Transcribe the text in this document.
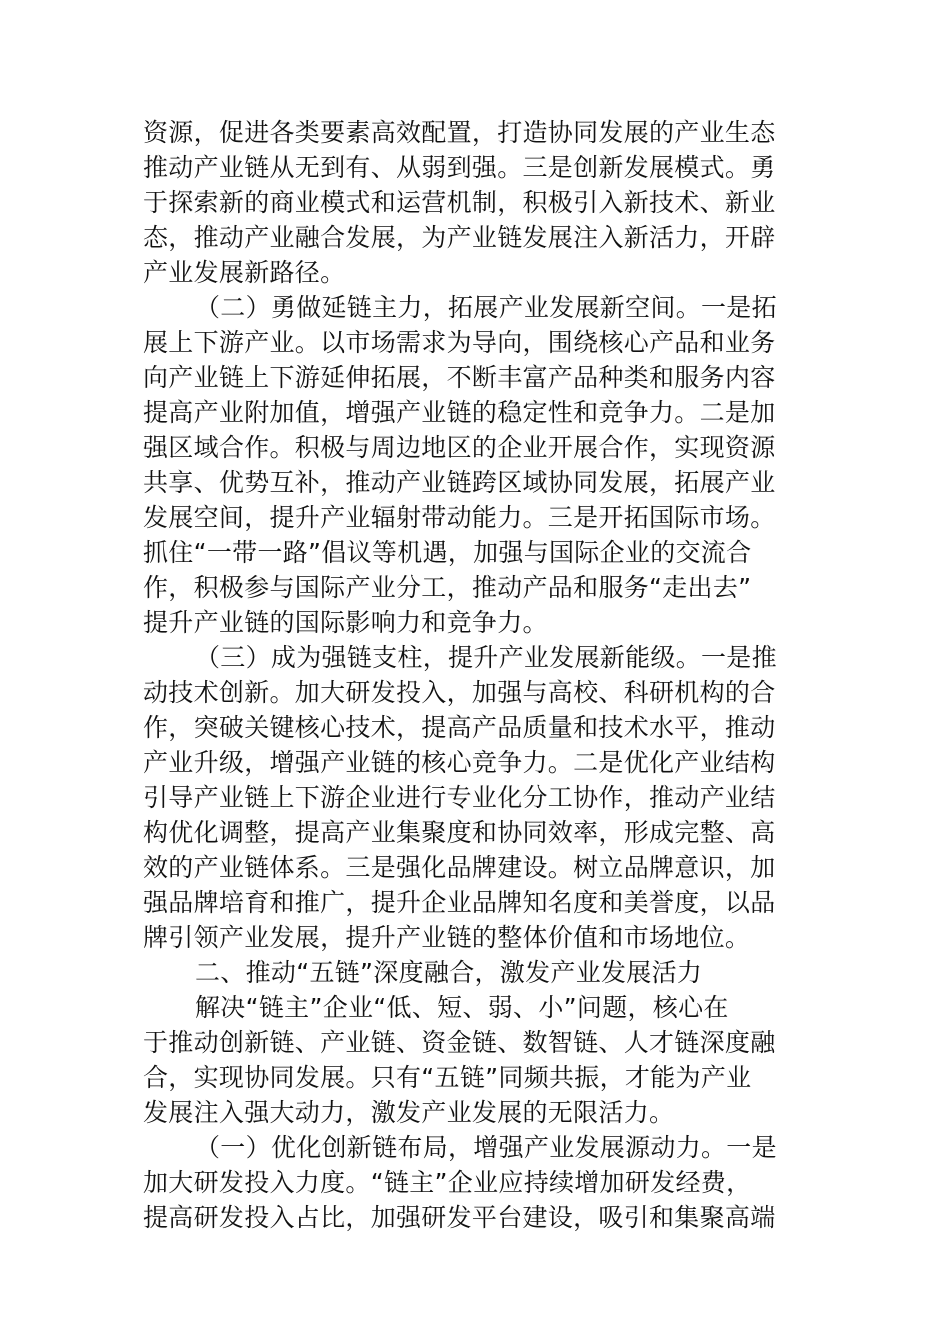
资源，促进各类要素高效配置，打造协同发展的产业生态
推动产业链从无到有、从弱到强。三是创新发展模式。勇
于探索新的商业模式和运营机制，积极引入新技术、新业
态，推动产业融合发展，为产业链发展注入新活力，开辟
产业发展新路径。
（二）勇做延链主力，拓展产业发展新空间。一是拓
展上下游产业。以市场需求为导向，围绕核心产品和业务
向产业链上下游延伸拓展，不断丰富产品种类和服务内容
提高产业附加值，增强产业链的稳定性和竞争力。二是加
强区域合作。积极与周边地区的企业开展合作，实现资源
共享、优势互补，推动产业链跨区域协同发展，拓展产业
发展空间，提升产业辐射带动能力。三是开拓国际市场。
抓住“一带一路”倡议等机遇，加强与国际企业的交流合
作，积极参与国际产业分工，推动产品和服务“走出去”
提升产业链的国际影响力和竞争力。
（三）成为强链支柱，提升产业发展新能级。一是推
动技术创新。加大研发投入，加强与高校、科研机构的合
作，突破关键核心技术，提高产品质量和技术水平，推动
产业升级，增强产业链的核心竞争力。二是优化产业结构
引导产业链上下游企业进行专业化分工协作，推动产业结
构优化调整，提高产业集聚度和协同效率，形成完整、高
效的产业链体系。三是强化品牌建设。树立品牌意识，加
强品牌培育和推广，提升企业品牌知名度和美誉度，以品
牌引领产业发展，提升产业链的整体价值和市场地位。
二、推动“五链”深度融合，激发产业发展活力
解决“链主”企业“低、短、弱、小”问题，核心在
于推动创新链、产业链、资金链、数智链、人才链深度融
合，实现协同发展。只有“五链”同频共振，才能为产业
发展注入强大动力，激发产业发展的无限活力。
（一）优化创新链布局，增强产业发展源动力。一是
加大研发投入力度。“链主”企业应持续增加研发经费，
提高研发投入占比，加强研发平台建设，吸引和集聚高端
